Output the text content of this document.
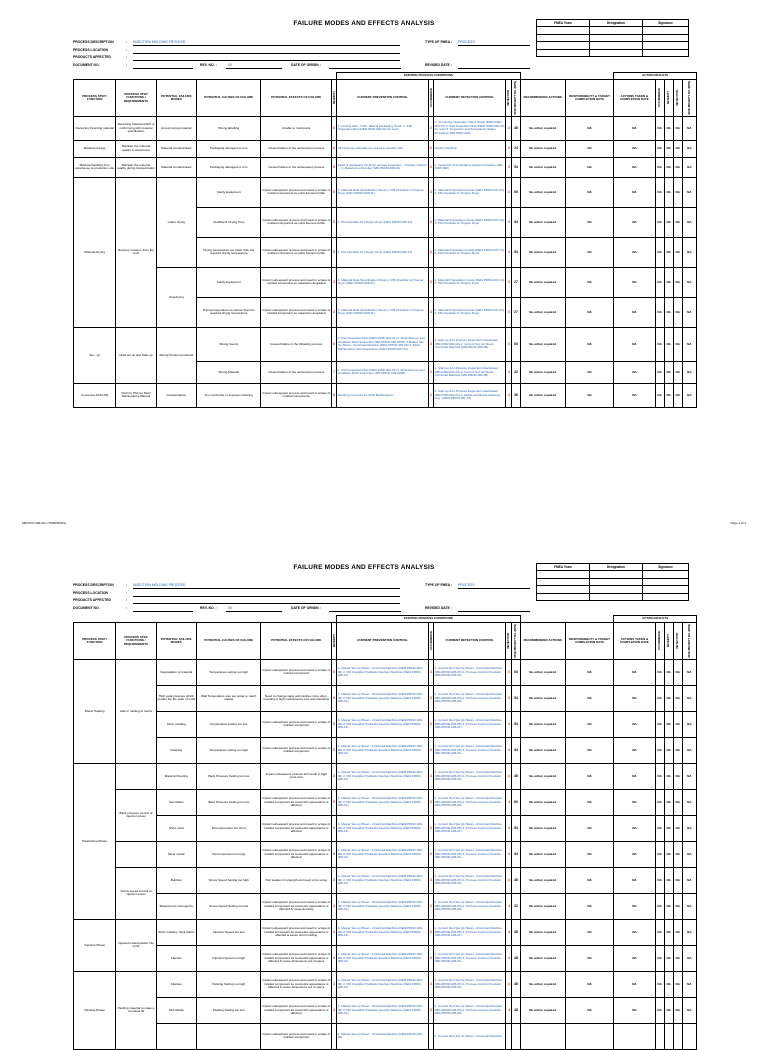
FAILURE MODES AND EFFECTS ANALYSIS	FMEA Team	Designation	Signature

PROCESS DESCRIPTION	: INJECTION MOLDING PROCESS	TYPE OF FMEA : PROCESS
PROCESS LOCATION	:
PRODUCTS AFFECTED	:
DOCUMENT NO.	:	REV. NO. :	00	DATE OF ORIGIN :	REVISED DATE :
						EXISTING PROCESS CONDITIONS							ACTION RESULTS				
PROCESS STEP / FUNCTION	PROCESS STEP FUNCTIONS / REQUIREMENTS	POTENTIAL FAILURE MODES	POTENTIAL CAUSES OF FAILURE	POTENTIAL EFFECTS OF FAILURE	SEVERITY	CURRENT PREVENTION CONTROL	OCCURRENCE	CURRENT DETECTION CONTROL	DETECTION	RISK PRIORITY NO. (RPN)	RECOMMENDED ACTIONS	RESPONSIBILITY & TARGET COMPLETION DATE	ACTIONS TAKEN & COMPLETION DATE	OCCURRENCE	SEVERITY	DETECTION	RISK PRIORITY NO. (RPN)
Receiving Incoming material	Receiving material which is conforming with material specification	Accept wrong material	Wrong labelling	Unable to mold parts	6	1. Control plan - COC, label & packaging check. 2. Part Inspection Plan (DEN-INSP-002-02) for resin	2	1. In-Coming Inspection Check Sheet (DEN-INSP-004-07) 2. Part Inspection Plan (DEN-INSP-002-02) for resin 3. Inspection and Acceptance Status Procedure (MD-INSP-002)	4	48	No action required	NA	NA	NA	NA	NA	NA
Material storage	Maintain the material quality in warehouse	Material contaminated	Packaging damaged or torn	Caused failure in the subsequent process	6	All incoming materials are stored in specific rack	2	Visual Checking	2	24	No action required	NA	NA	NA	NA	NA	NA
Material handling from warehouse to production site	Maintain the material quality during transportation	Material contaminated	Packaging damaged or torn	Caused failure in the subsequent process	6	Label & packaging check for storage inspection - Transfer manner ... b. Material Lot Number (MD-PROD-008-01)	3	1. Inspection & Acceptance Status Procedure (MD-INSP-002)	3	54	No action required	NA	NA	NA	NA	NA	NA
Material Drying	Remove moisture from the resin	Under drying	Faulty Equipment	Impact subsequent process and result in scraps of molded component as parts become brittle	6	1. Material Data Specification Sheet 2. PM Checklist for Hopper Dryer (DEN-PROD-008-11)	3	1. Material Preparation Guide (DEN-PROD-007-01) 2. PM Checklist for Hopper Dryer	4	60	No action required	NA	NA	NA	NA	NA	NA
			Insufficient Drying Time	Impact subsequent process and result in scraps of molded component as parts become brittle	6	1. PM Checklist for Hopper Dryer (DEN-PROD-008-11)	3	1. Material Preparation Guide (DEN-PROD-007-01) 2. PM Checklist for Hopper Dryer	3	54	No action required	NA	NA	NA	NA	NA	NA
			Drying temperature set lower than the required drying temperature	Impact subsequent process and result in scraps of molded component as parts become brittle	6	1. PM Checklist for Hopper Dryer (DEN-PROD-008-11)	3	1. Material Preparation Guide (DEN-PROD-007-01) 2. PM Checklist for Hopper Dryer	3	54	No action required	NA	NA	NA	NA	NA	NA
		Overdrying	Faulty Equipment	Impact subsequent process and result in scraps of molded component as material is degraded	3	1. Material Data Specification Sheet 2. PM Checklist for Hopper Dryer (DEN-PROD-008-11)	3	1. Material Preparation Guide (DEN-PROD-007-01) 2. PM Checklist for Hopper Dryer	3	27	No action required	NA	NA	NA	NA	NA	NA
			Drying temperature set above than the required drying temperature	Impact subsequent process and result in scraps of molded component as material is degraded	3	1. Material Data Specification Sheet 2. PM Checklist for Hopper Dryer (DEN-PROD-008-11)	3	1. Material Preparation Guide (DEN-PROD-007-01) 2. PM Checklist for Hopper Dryer	3	27	No action required	NA	NA	NA	NA	NA	NA
Set - up	Mold set up and Start up	Wrong Product produced	Wrong Inserts	Caused failure in the following process	6	1. Part Inspection Plan (DEN-INSP-002-01) 2. Mold Start up and shutdown Work Instruction (MD-PROD-006-WI05) 3.Master Set Up Sheet - Cincinnati Machine (DEN-PROD-003-06) 4. Mold Maintenance Tool Preparation (DEN-PROD-007-01)	3	1. Start up & In-Process Inspection checksheet (MD-INSP-004-01) 2. Current Set Up Sheet - Cincinnati Machine (MD-PROD-006-05)	3	54	No action required	NA	NA	NA	NA	NA	NA
			Wrong Material	Caused failure in the subsequent process	7	1. Part Inspection Plan (DEN-INSP-002-01) 2. Mold Start up and shutdown Work Instruction (MD-PROD-006-WI05)	2	1. Start up & In-Process Inspection checksheet (MD-INSP-004-01) 2. Current Set Up Sheet - Cincinnati Machine (MD-PROD-006-05)	3	42	No action required	NA	NA	NA	NA	NA	NA
In-process Mold PM	Perform PM per Mold Maintenance Manual	Contamination	Too much lube or improper cleaning	Impact subsequent process and result in scraps of molded components	6	Existing procedure for Mold Maintenance	2	1. Start up & In-Process Inspection checksheet (MD-INSP-004-01) 2. Molds and Robot Cleaning Log - (DEN-PROD-007-07)	3	36	No action required	NA	NA	NA	NA	NA	NA
MB-DOC-006-01C (TMDPROD1)	Page 1 of 4
FAILURE MODES AND EFFECTS ANALYSIS	FMEA Team	Designation	Signature

PROCESS DESCRIPTION	: INJECTION MOLDING PROCESS	TYPE OF FMEA : PROCESS
PROCESS LOCATION	:
PRODUCTS AFFECTED	:
DOCUMENT NO.	:	REV. NO. :	00	DATE OF ORIGIN :	REVISED DATE :
						EXISTING PROCESS CONDITIONS							ACTION RESULTS				
PROCESS STEP / FUNCTION	PROCESS STEP FUNCTIONS / REQUIREMENTS	POTENTIAL FAILURE MODES	POTENTIAL CAUSES OF FAILURE	POTENTIAL EFFECTS OF FAILURE	SEVERITY	CURRENT PREVENTION CONTROL	OCCURRENCE	CURRENT DETECTION CONTROL	DETECTION	RISK PRIORITY NO. (RPN)	RECOMMENDED ACTIONS	RESPONSIBILITY & TARGET COMPLETION DATE	ACTIONS TAKEN & COMPLETION DATE	OCCURRENCE	SEVERITY	DETECTION	RISK PRIORITY NO. (RPN)
Barrel Heating	Aids in melting of resins	Degradation of material	Temperature setting too high	Impact subsequent process and result in scraps of molded component	6	1. Master Set-up Sheet - Cincinnati Machine (DEN-PROD-003-06) 2. PM Checklist Hydraulic Injection Machine (DEN-PROD-008-12)	3	1. Current Run Set Up Sheet - Cincinnati Machine (MD-PROD-006-05) 2. Process Control Checklist (MD-PROD-006-01)	3	54	No action required	NA	NA	NA	NA	NA	NA
		High peak pressure which erodes the life span of mold	Wall Temperature was set under to reach setting	Need to change valve and cavities more often, resulting in high maintenance cost and downtime	6	1. Master Set-up Sheet - Cincinnati Machine (DEN-PROD-003-06) 2. PM Checklist Hydraulic Injection Machine (DEN-PROD-008-12)	3	1. Current Run Set Up Sheet - Cincinnati Machine (MD-PROD-006-05) 2. Process Control Checklist (MD-PROD-006-01)	3	54	No action required	NA	NA	NA	NA	NA	NA
		Short molding	Temperature setting too low	Impact subsequent process and result in scraps of molded component	6	1. Master Set-up Sheet - Cincinnati Machine (DEN-PROD-003-06) 2. PM Checklist Hydraulic Injection Machine (DEN-PROD-008-12)	3	1. Current Run Set Up Sheet - Cincinnati Machine (MD-PROD-006-05) 2. Process Control Checklist (MD-PROD-006-01)	3	54	No action required	NA	NA	NA	NA	NA	NA
		Flashing	Temperature setting too high	Impact subsequent process and result in scraps of molded component	6	1. Master Set-up Sheet - Cincinnati Machine (DEN-PROD-003-06) 2. PM Checklist Hydraulic Injection Machine (DEN-PROD-008-12)	3	1. Current Run Set Up Sheet - Cincinnati Machine (MD-PROD-006-05) 2. Process Control Checklist (MD-PROD-006-01)	3	54	No action required	NA	NA	NA	NA	NA	NA
Plasticizing Phase		Material Drooling	Back Pressure Setting too low	Impact subsequent process and result in high cycle time	4	1. Master Set-up Sheet - Cincinnati Machine (DEN-PROD-003-06) 2. PM Checklist Hydraulic Injection Machine (DEN-PROD-008-12)	3	1. Current Run Set Up Sheet - Cincinnati Machine (MD-PROD-006-05) 2. Process Control Checklist (MD-PROD-006-01)	4	48	No action required	NA	NA	NA	NA	NA	NA
	Back pressure control of injection press	Gas Marks	Back Pressure Setting too low	Impact subsequent process and result in scraps of molded component as cosmetics appearance is affected	5	1. Master Set-up Sheet - Cincinnati Machine (DEN-PROD-003-06) 2. PM Checklist Hydraulic Injection Machine (DEN-PROD-008-12)	3	1. Current Run Set Up Sheet - Cincinnati Machine (MD-PROD-006-05) 2. Process Control Checklist (MD-PROD-006-01)	4	60	No action required	NA	NA	NA	NA	NA	NA
		Short mold	Decompression too short	Impact subsequent process and result in scraps of molded component as cosmetics appearance is affected	6	1. Master Set-up Sheet - Cincinnati Machine (DEN-PROD-003-06) 2. PM Checklist Hydraulic Injection Machine (DEN-PROD-008-12)	3	1. Current Run Set Up Sheet - Cincinnati Machine (MD-PROD-006-05) 2. Process Control Checklist (MD-PROD-006-01)	3	54	No action required	NA	NA	NA	NA	NA	NA
		Silver streak	Decompression too long	Impact subsequent process and result in scraps of molded component as cosmetics appearance is affected	6	1. Master Set-up Sheet - Cincinnati Machine (DEN-PROD-003-06) 2. PM Checklist Hydraulic Injection Machine (DEN-PROD-008-12)	3	1. Current Run Set Up Sheet - Cincinnati Machine (MD-PROD-006-05) 2. Process Control Checklist (MD-PROD-006-01)	3	54	No action required	NA	NA	NA	NA	NA	NA
	Screw speed control of injection press	Bubbles	Screw Speed Setting too high	Part weaken in strength and need to be scrap	4	1. Master Set-up Sheet - Cincinnati Machine (DEN-PROD-003-06) 2. PM Checklist Hydraulic Injection Machine (DEN-PROD-008-12)	3	1. Current Run Set Up Sheet - Cincinnati Machine (MD-PROD-006-05) 2. Process Control Checklist (MD-PROD-006-01)	4	48	No action required	NA	NA	NA	NA	NA	NA
		Material non homogenity	Screw Speed Setting too low	Impact subsequent process and result in scraps of molded component as cosmetics appearance is affected & cause drooling	4	1. Master Set-up Sheet - Cincinnati Machine (DEN-PROD-003-06) 2. PM Checklist Hydraulic Injection Machine (DEN-PROD-008-12)	2	1. Current Run Set Up Sheet - Cincinnati Machine (MD-PROD-006-05) 2. Process Control Checklist (MD-PROD-006-01)	4	32	No action required	NA	NA	NA	NA	NA	NA
Injection Phase	Injected melted plastic into mold	Short molding / Sink Marks	Injection Speed too low	Impact subsequent process and result in scraps of molded component as cosmetics appearance is affected & cause short molding	4	1. Master Set-up Sheet - Cincinnati Machine (DEN-PROD-003-06) 2. PM Checklist Hydraulic Injection Machine (DEN-PROD-008-12)	3	1. Current Run Set Up Sheet - Cincinnati Machine (MD-PROD-006-05) 2. Process Control Checklist (MD-PROD-006-01)	4	48	No action required	NA	NA	NA	NA	NA	NA
		Flashes	Injection Speed too high	Impact subsequent process and result in scraps of molded component as cosmetics appearance is affected & cause dimensions out of specs	4	1. Master Set-up Sheet - Cincinnati Machine (DEN-PROD-003-06) 2. PM Checklist Hydraulic Injection Machine (DEN-PROD-008-12)	3	1. Current Run Set Up Sheet - Cincinnati Machine (MD-PROD-006-05) 2. Process Control Checklist (MD-PROD-006-01)	4	48	No action required	NA	NA	NA	NA	NA	NA
Packing Phase	Packing material to make a complete fill	Flashes	Packing Setting too high	Impact subsequent process and result in scraps of molded component as cosmetics appearance is affected & cause dimensions out of specs	4	1. Master Set-up Sheet - Cincinnati Machine (DEN-PROD-003-06) 2. PM Checklist Hydraulic Injection Machine (DEN-PROD-008-12)	3	1. Current Run Set Up Sheet - Cincinnati Machine (MD-PROD-006-05) 2. Process Control Checklist (MD-PROD-006-01)	4	48	No action required	NA	NA	NA	NA	NA	NA
		Sink Marks	Packing Setting too low	Impact subsequent process and result in scraps of molded component as cosmetics appearance is affected	4	1. Master Set-up Sheet - Cincinnati Machine (DEN-PROD-003-06) 2. PM Checklist Hydraulic Injection Machine (DEN-PROD-008-12)	3	1. Current Run Set Up Sheet - Cincinnati Machine (MD-PROD-006-05) 2. Process Control Checklist (MD-PROD-006-01)	4	48	No action required	NA	NA	NA	NA	NA	NA
				Impact subsequent process and result in scraps of molded component		1. Master Set-up Sheet - Cincinnati Machine (DEN-PROD-003-06)		1. Current Run Set Up Sheet - Cincinnati Machine									
